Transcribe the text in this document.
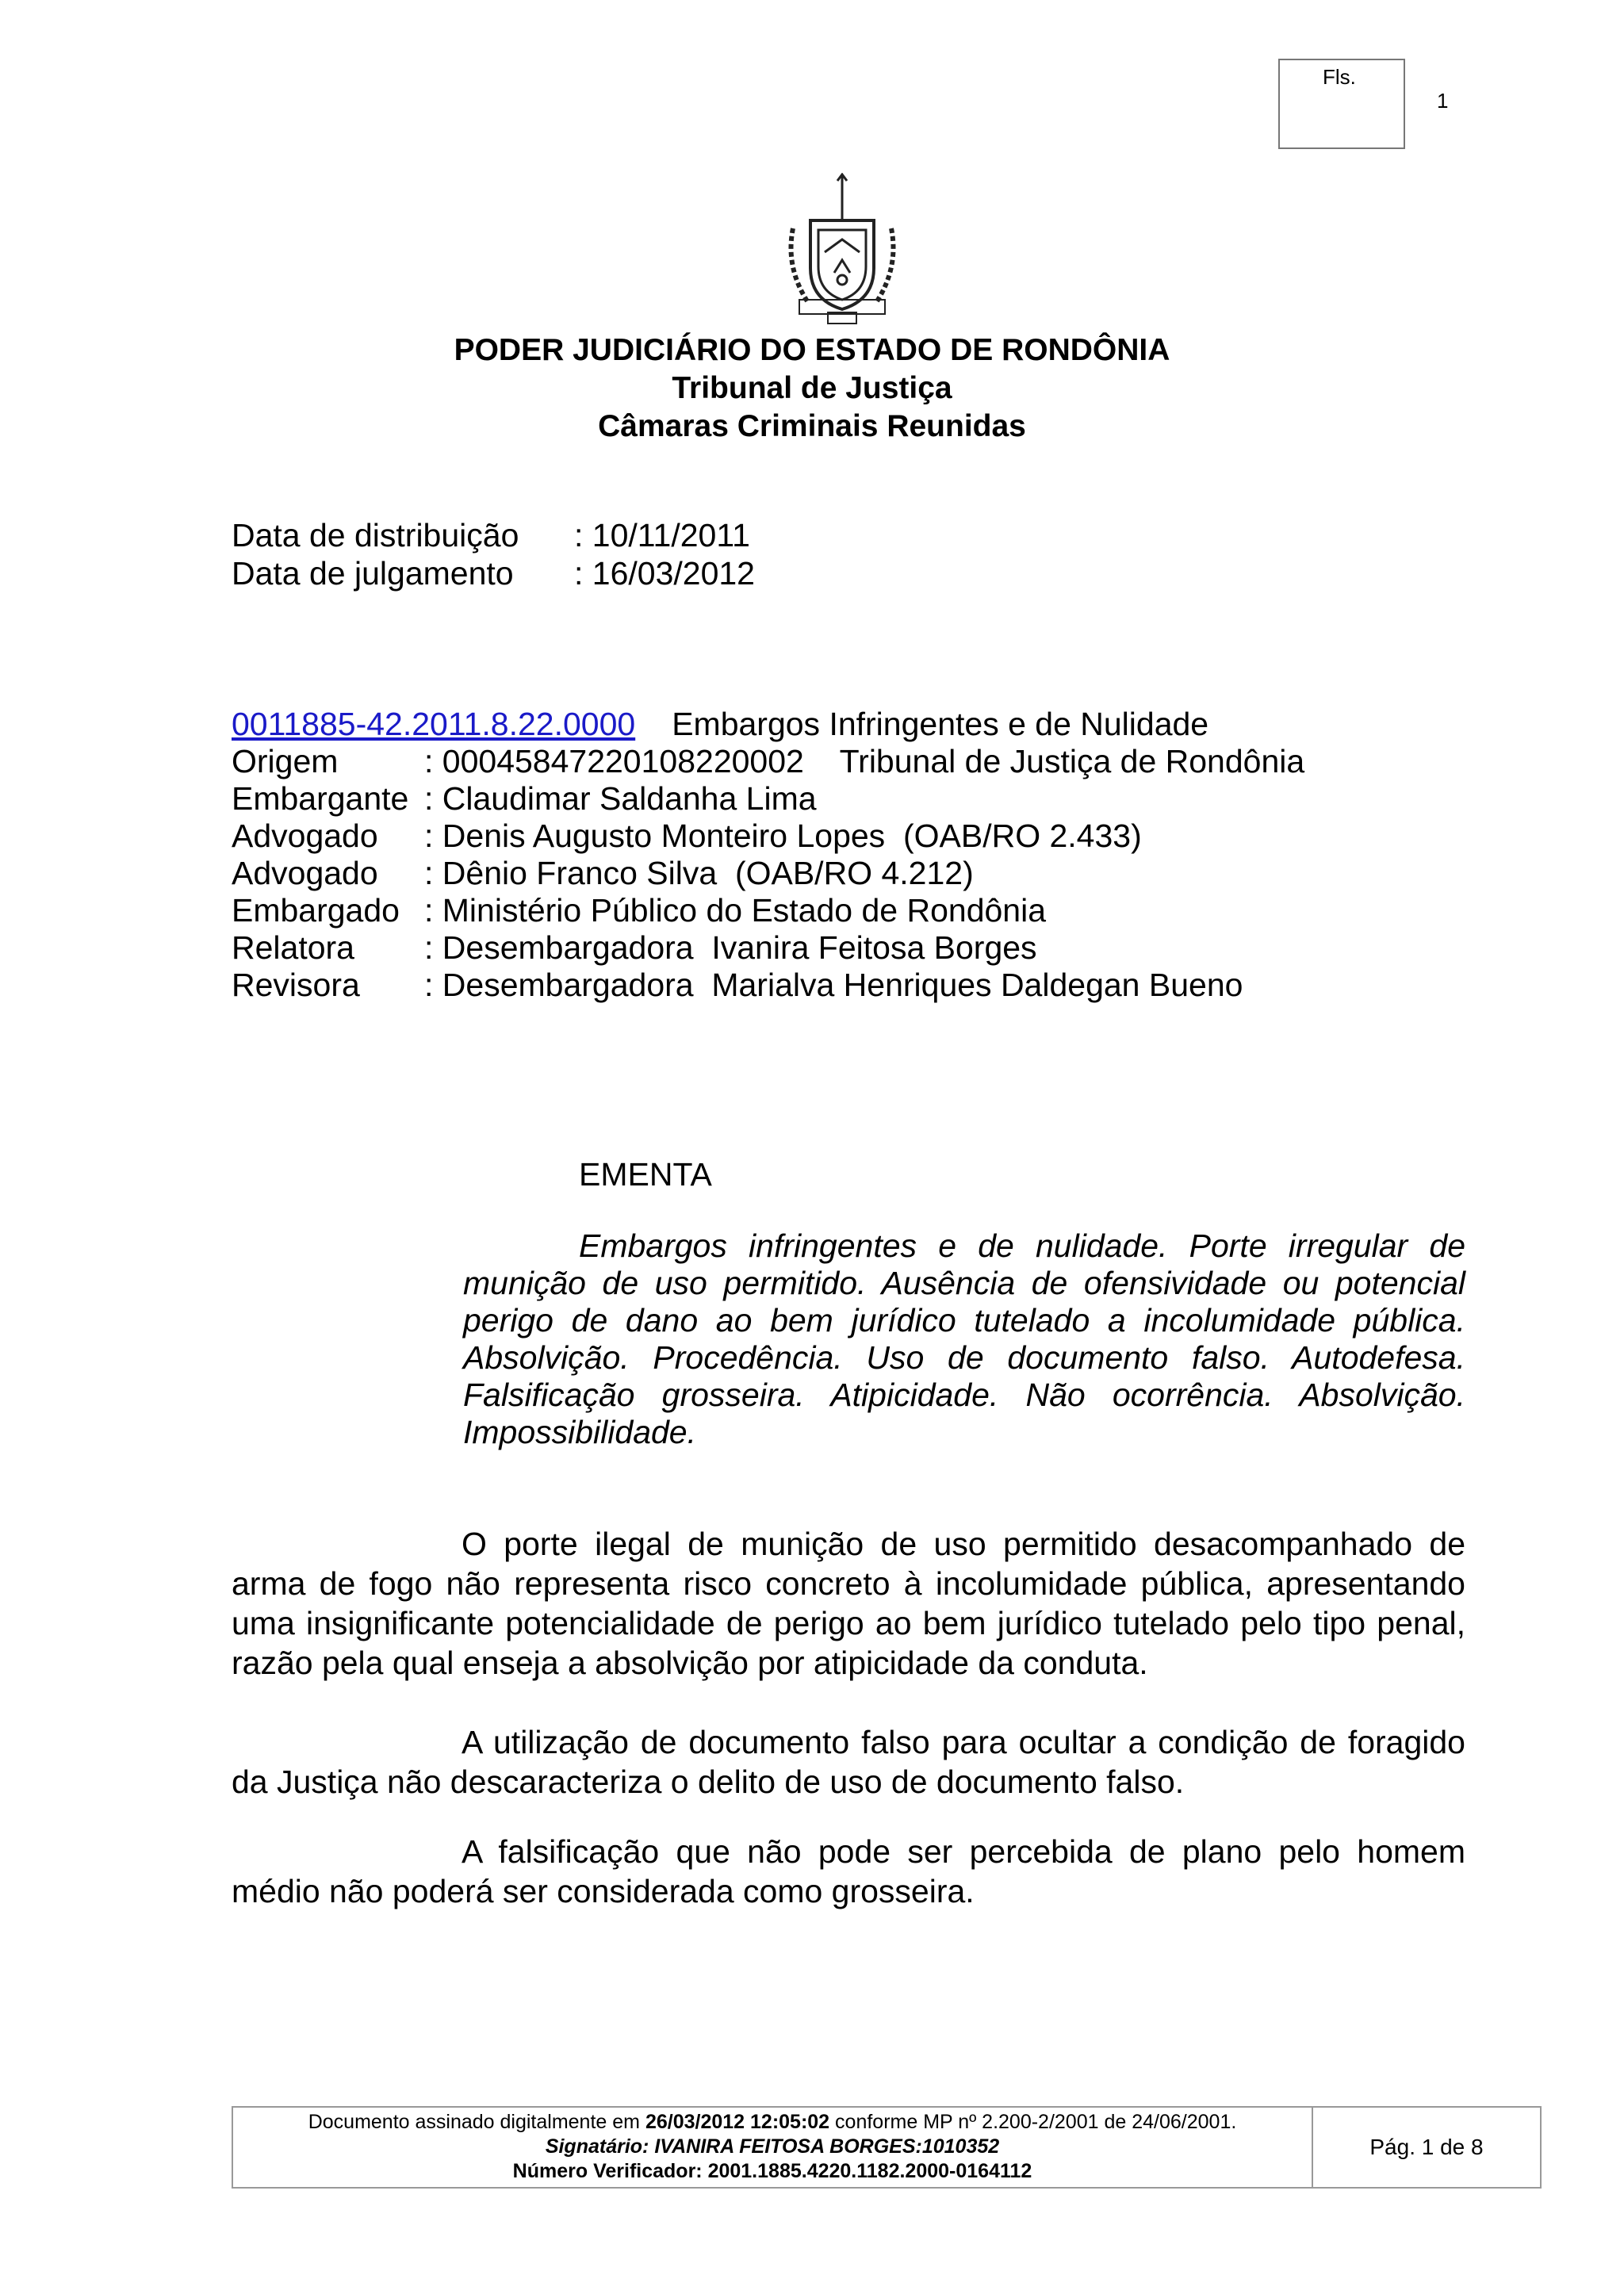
Fls.
1
PODER JUDICIÁRIO DO ESTADO DE RONDÔNIA
Tribunal de Justiça
Câmaras Criminais Reunidas
Data de distribuição : 10/11/2011
Data de julgamento : 16/03/2012
0011885-42.2011.8.22.0000 Embargos Infringentes e de Nulidade
Origem	: 00045847220108220002    Tribunal de Justiça de Rondônia
Embargante : Claudimar Saldanha Lima
Advogado : Denis Augusto Monteiro Lopes  (OAB/RO 2.433)
Advogado : Dênio Franco Silva  (OAB/RO 4.212)
Embargado : Ministério Público do Estado de Rondônia
Relatora : Desembargadora  Ivanira Feitosa Borges
Revisora : Desembargadora  Marialva Henriques Daldegan Bueno
EMENTA
Embargos infringentes e de nulidade. Porte irregular de munição de uso permitido. Ausência de ofensividade ou potencial perigo de dano ao bem jurídico tutelado a incolumidade pública. Absolvição. Procedência. Uso de documento falso. Autodefesa. Falsificação grosseira. Atipicidade. Não ocorrência. Absolvição. Impossibilidade.
O porte ilegal de munição de uso permitido desacompanhado de arma de fogo não representa risco concreto à incolumidade pública, apresentando uma insignificante potencialidade de perigo ao bem jurídico tutelado pelo tipo penal, razão pela qual enseja a absolvição por atipicidade da conduta.
A utilização de documento falso para ocultar a condição de foragido da Justiça não descaracteriza o delito de uso de documento falso.
A falsificação que não pode ser percebida de plano pelo homem médio não poderá ser considerada como grosseira.
Documento assinado digitalmente em 26/03/2012 12:05:02 conforme MP nº 2.200-2/2001 de 24/06/2001.
Signatário: IVANIRA FEITOSA BORGES:1010352
Número Verificador: 2001.1885.4220.1182.2000-0164112
Pág. 1 de 8
